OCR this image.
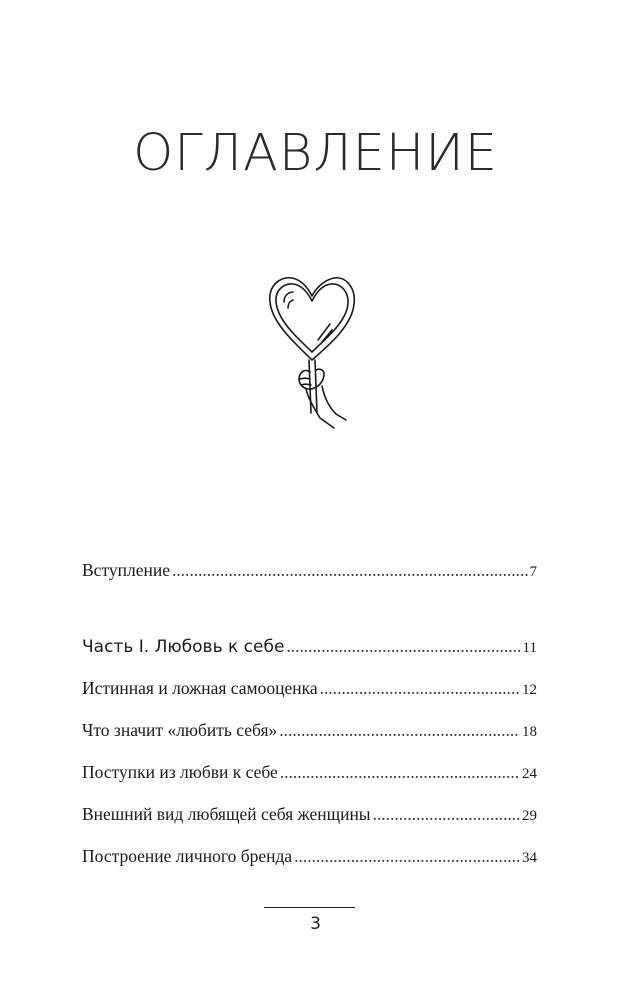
ОГЛАВЛЕНИЕ
Вступление . . .	7
Часть I. Любовь к себе . . .	11
Истинная и ложная самооценка . . .	12
Что значит «любить себя» . . .	18
Поступки из любви к себе . . .	24
Внешний вид любящей себя женщины . . .	29
Построение личного бренда . . .	34
3
